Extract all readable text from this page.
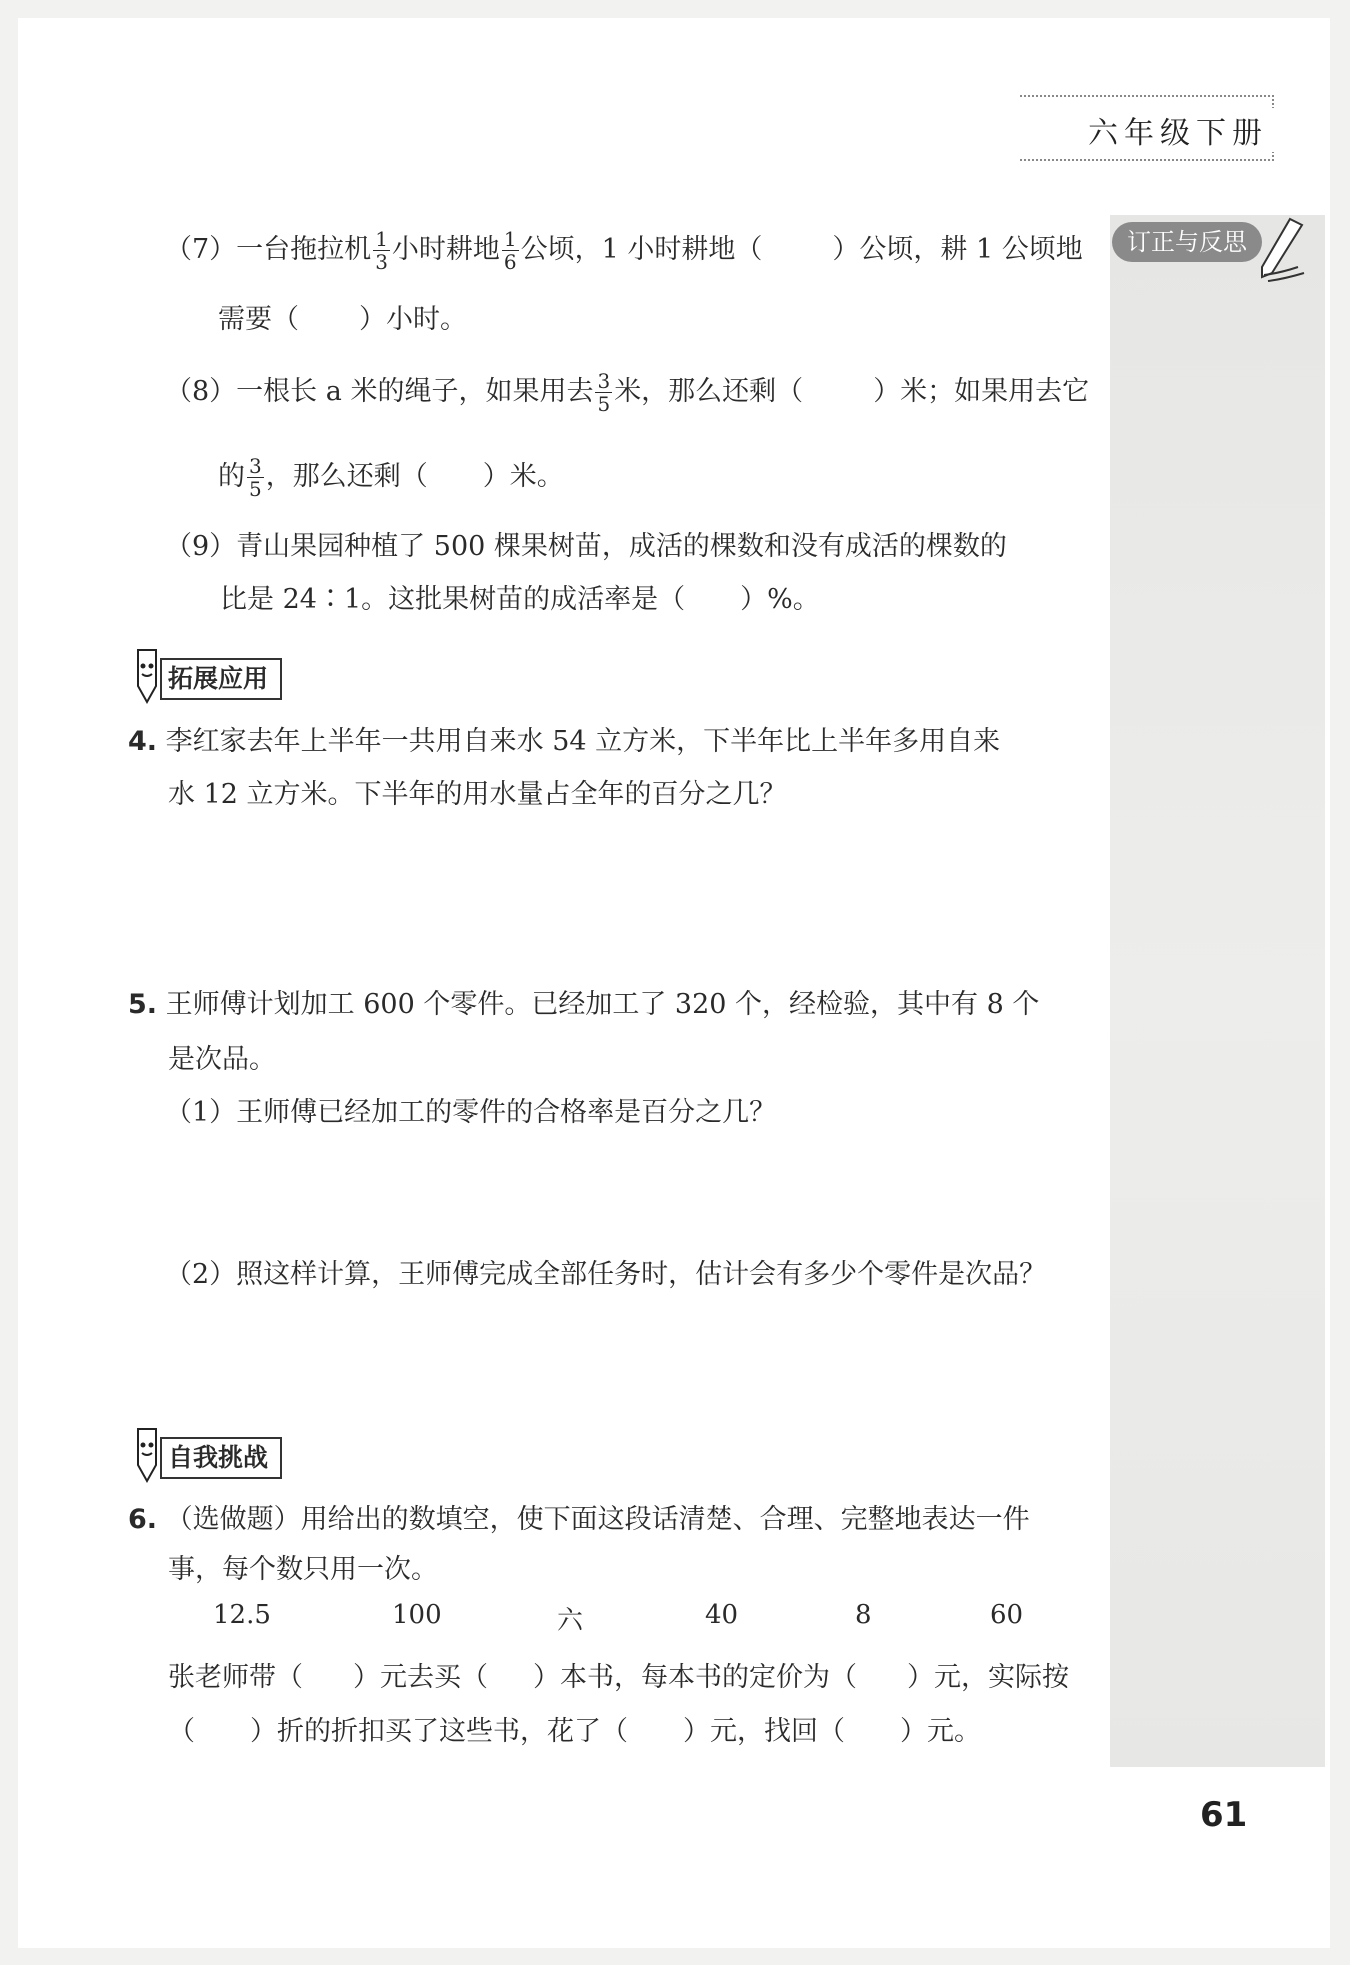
六年级下册
订正与反思
（7）一台拖拉机 $\frac{1}{3}$ 小时耕地 $\frac{1}{6}$ 公顷，1 小时耕地（	）公顷，耕 1 公顷地
需要（ ）小时。
（8）一根长 a 米的绳子，如果用去 $\frac{3}{5}$ 米，那么还剩（	）米；如果用去它
的 $\frac{3}{5}$ ，那么还剩（ ）米。
（9）青山果园种植了 500 棵果树苗，成活的棵数和没有成活的棵数的
比是 24∶1。这批果树苗的成活率是（ ）%。
拓展应用
4. 李红家去年上半年一共用自来水 54 立方米，下半年比上半年多用自来
水 12 立方米。下半年的用水量占全年的百分之几？
5. 王师傅计划加工 600 个零件。已经加工了 320 个，经检验，其中有 8 个
是次品。
（1）王师傅已经加工的零件的合格率是百分之几？
（2）照这样计算，王师傅完成全部任务时，估计会有多少个零件是次品？
自我挑战
6. （选做题）用给出的数填空，使下面这段话清楚、合理、完整地表达一件
事，每个数只用一次。
12.5	100	六	40	8	60
张老师带（ ）元去买（ ）本书，每本书的定价为（ ）元，实际按
（ ）折的折扣买了这些书，花了（ ）元，找回（ ）元。
61
